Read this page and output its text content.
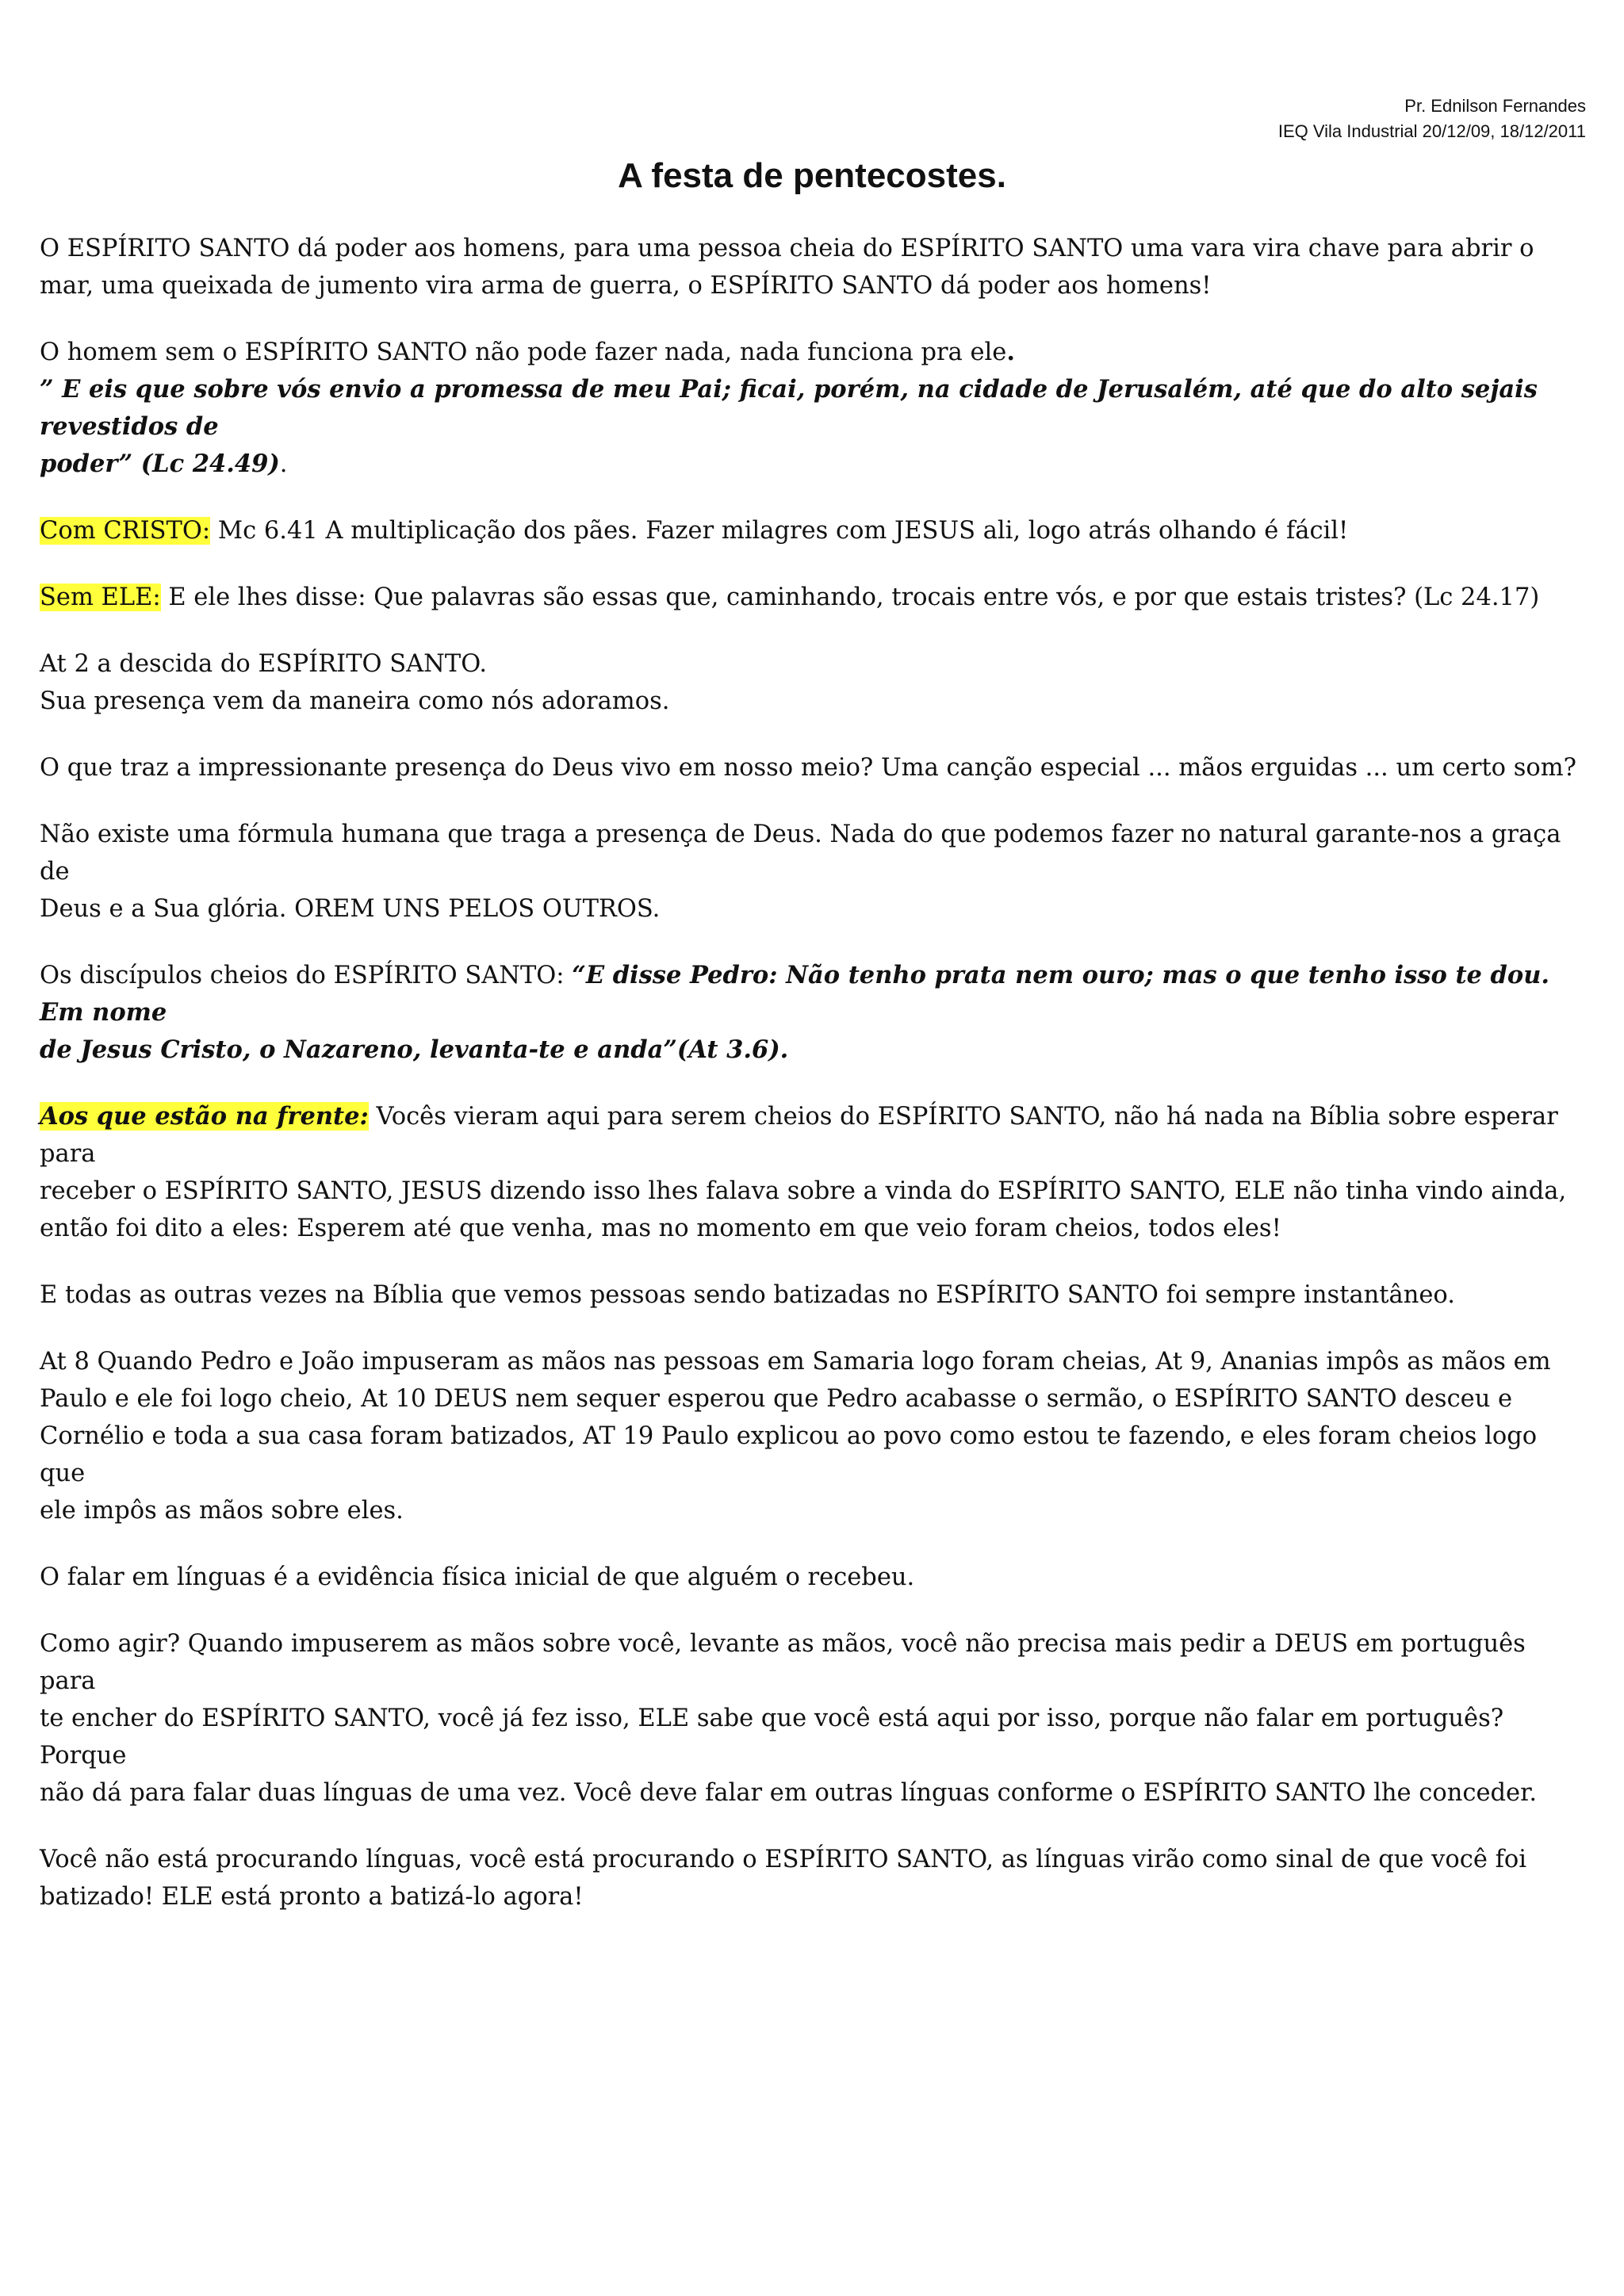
Pr. Ednilson Fernandes
IEQ Vila Industrial 20/12/09, 18/12/2011
A festa de pentecostes.

O ESPÍRITO SANTO dá poder aos homens, para uma pessoa cheia do ESPÍRITO SANTO uma vara vira chave para abrir o
mar, uma queixada de jumento vira arma de guerra, o ESPÍRITO SANTO dá poder aos homens!

O homem sem o ESPÍRITO SANTO não pode fazer nada, nada funciona pra ele.
” E eis que sobre vós envio a promessa de meu Pai; ficai, porém, na cidade de Jerusalém, até que do alto sejais revestidos de
poder” (Lc 24.49).

Com CRISTO: Mc 6.41 A multiplicação dos pães. Fazer milagres com JESUS ali, logo atrás olhando é fácil!

Sem ELE: E ele lhes disse: Que palavras são essas que, caminhando, trocais entre vós, e por que estais tristes? (Lc 24.17)

At 2 a descida do ESPÍRITO SANTO.
Sua presença vem da maneira como nós adoramos.

O que traz a impressionante presença do Deus vivo em nosso meio? Uma canção especial ... mãos erguidas ... um certo som?

Não existe uma fórmula humana que traga a presença de Deus. Nada do que podemos fazer no natural garante-nos a graça de
Deus e a Sua glória. OREM UNS PELOS OUTROS.

Os discípulos cheios do ESPÍRITO SANTO: “E disse Pedro: Não tenho prata nem ouro; mas o que tenho isso te dou. Em nome
de Jesus Cristo, o Nazareno, levanta-te e anda”(At 3.6).

Aos que estão na frente: Vocês vieram aqui para serem cheios do ESPÍRITO SANTO, não há nada na Bíblia sobre esperar para
receber o ESPÍRITO SANTO, JESUS dizendo isso lhes falava sobre a vinda do ESPÍRITO SANTO, ELE não tinha vindo ainda,
então foi dito a eles: Esperem até que venha, mas no momento em que veio foram cheios, todos eles!

E todas as outras vezes na Bíblia que vemos pessoas sendo batizadas no ESPÍRITO SANTO foi sempre instantâneo.

At 8 Quando Pedro e João impuseram as mãos nas pessoas em Samaria logo foram cheias, At 9, Ananias impôs as mãos em
Paulo e ele foi logo cheio, At 10 DEUS nem sequer esperou que Pedro acabasse o sermão, o ESPÍRITO SANTO desceu e
Cornélio e toda a sua casa foram batizados, AT 19 Paulo explicou ao povo como estou te fazendo, e eles foram cheios logo que
ele impôs as mãos sobre eles.

O falar em línguas é a evidência física inicial de que alguém o recebeu.

Como agir? Quando impuserem as mãos sobre você, levante as mãos, você não precisa mais pedir a DEUS em português para
te encher do ESPÍRITO SANTO, você já fez isso, ELE sabe que você está aqui por isso, porque não falar em português? Porque
não dá para falar duas línguas de uma vez. Você deve falar em outras línguas conforme o ESPÍRITO SANTO lhe conceder.

Você não está procurando línguas, você está procurando o ESPÍRITO SANTO, as línguas virão como sinal de que você foi
batizado! ELE está pronto a batizá-lo agora!
